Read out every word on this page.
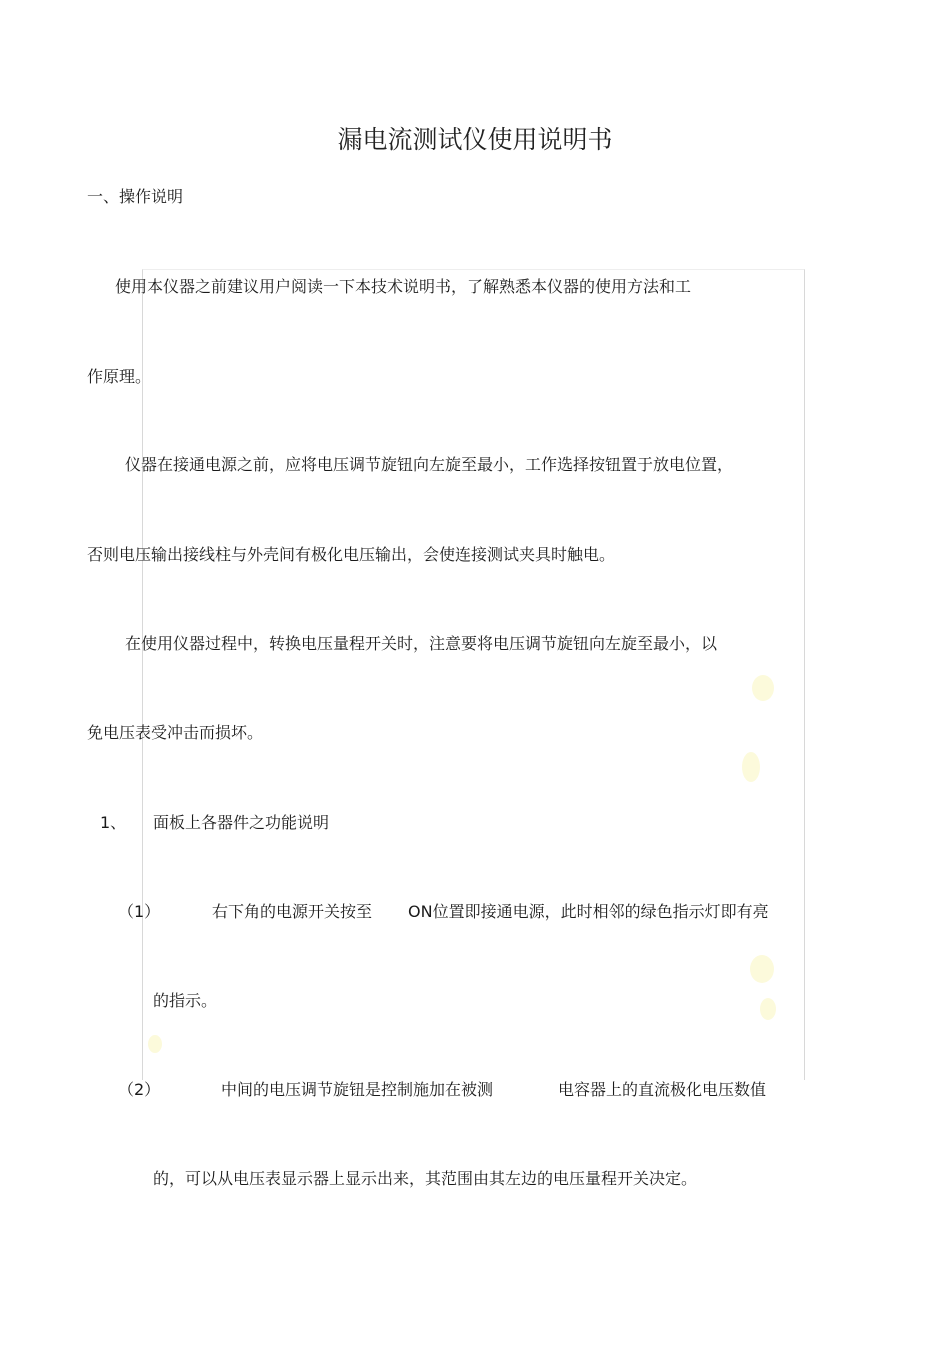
漏电流测试仪使用说明书
一、操作说明
使用本仪器之前建议用户阅读一下本技术说明书，了解熟悉本仪器的使用方法和工
作原理。
仪器在接通电源之前，应将电压调节旋钮向左旋至最小，工作选择按钮置于放电位置，
否则电压输出接线柱与外壳间有极化电压输出，会使连接测试夹具时触电。
在使用仪器过程中，转换电压量程开关时，注意要将电压调节旋钮向左旋至最小，以
免电压表受冲击而损坏。
1、 面板上各器件之功能说明
（1）	右下角的电源开关按至 ON位置即接通电源，此时相邻的绿色指示灯即有亮
的指示。
（2）	中间的电压调节旋钮是控制施加在被测	电容器上的直流极化电压数值
的，可以从电压表显示器上显示出来，其范围由其左边的电压量程开关决定。
